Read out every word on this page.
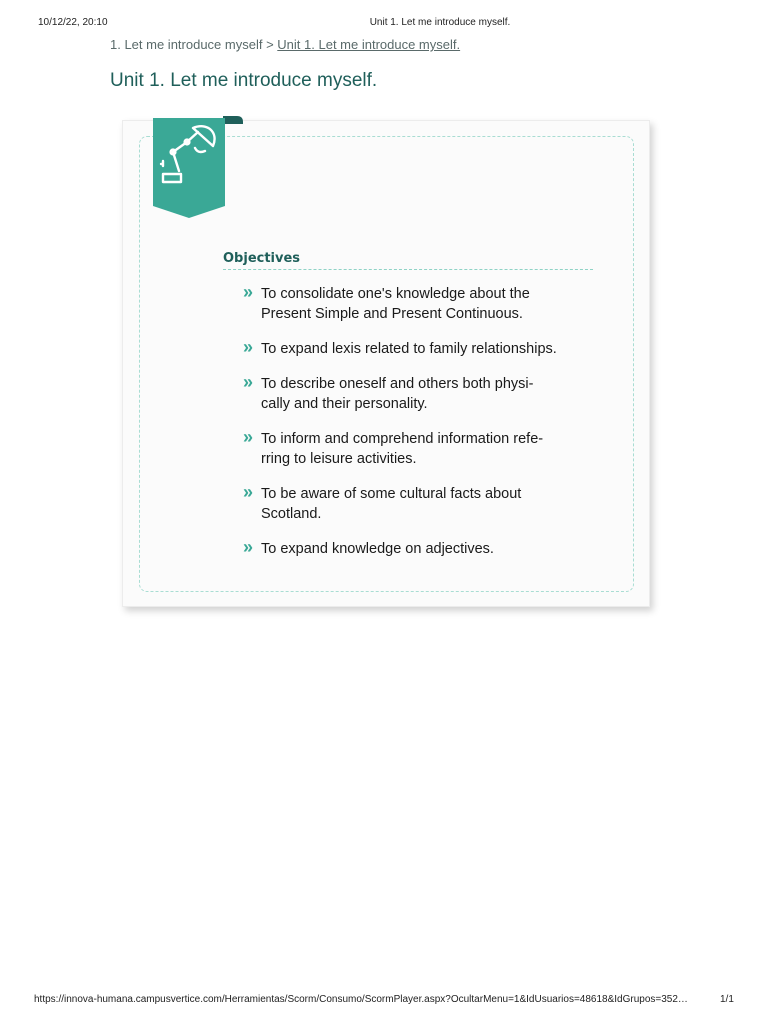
10/12/22, 20:10	Unit 1. Let me introduce myself.
1. Let me introduce myself > Unit 1. Let me introduce myself.
Unit 1. Let me introduce myself.
Objectives
» To consolidate one's knowledge about the
Present Simple and Present Continuous.
» To expand lexis related to family relationships.
» To describe oneself and others both physi-
cally and their personality.
» To inform and comprehend information refe-
rring to leisure activities.
» To be aware of some cultural facts about
Scotland.
» To expand knowledge on adjectives.
https://innova-humana.campusvertice.com/Herramientas/Scorm/Consumo/ScormPlayer.aspx?OcultarMenu=1&IdUsuarios=48618&IdGrupos=352…	1/1
